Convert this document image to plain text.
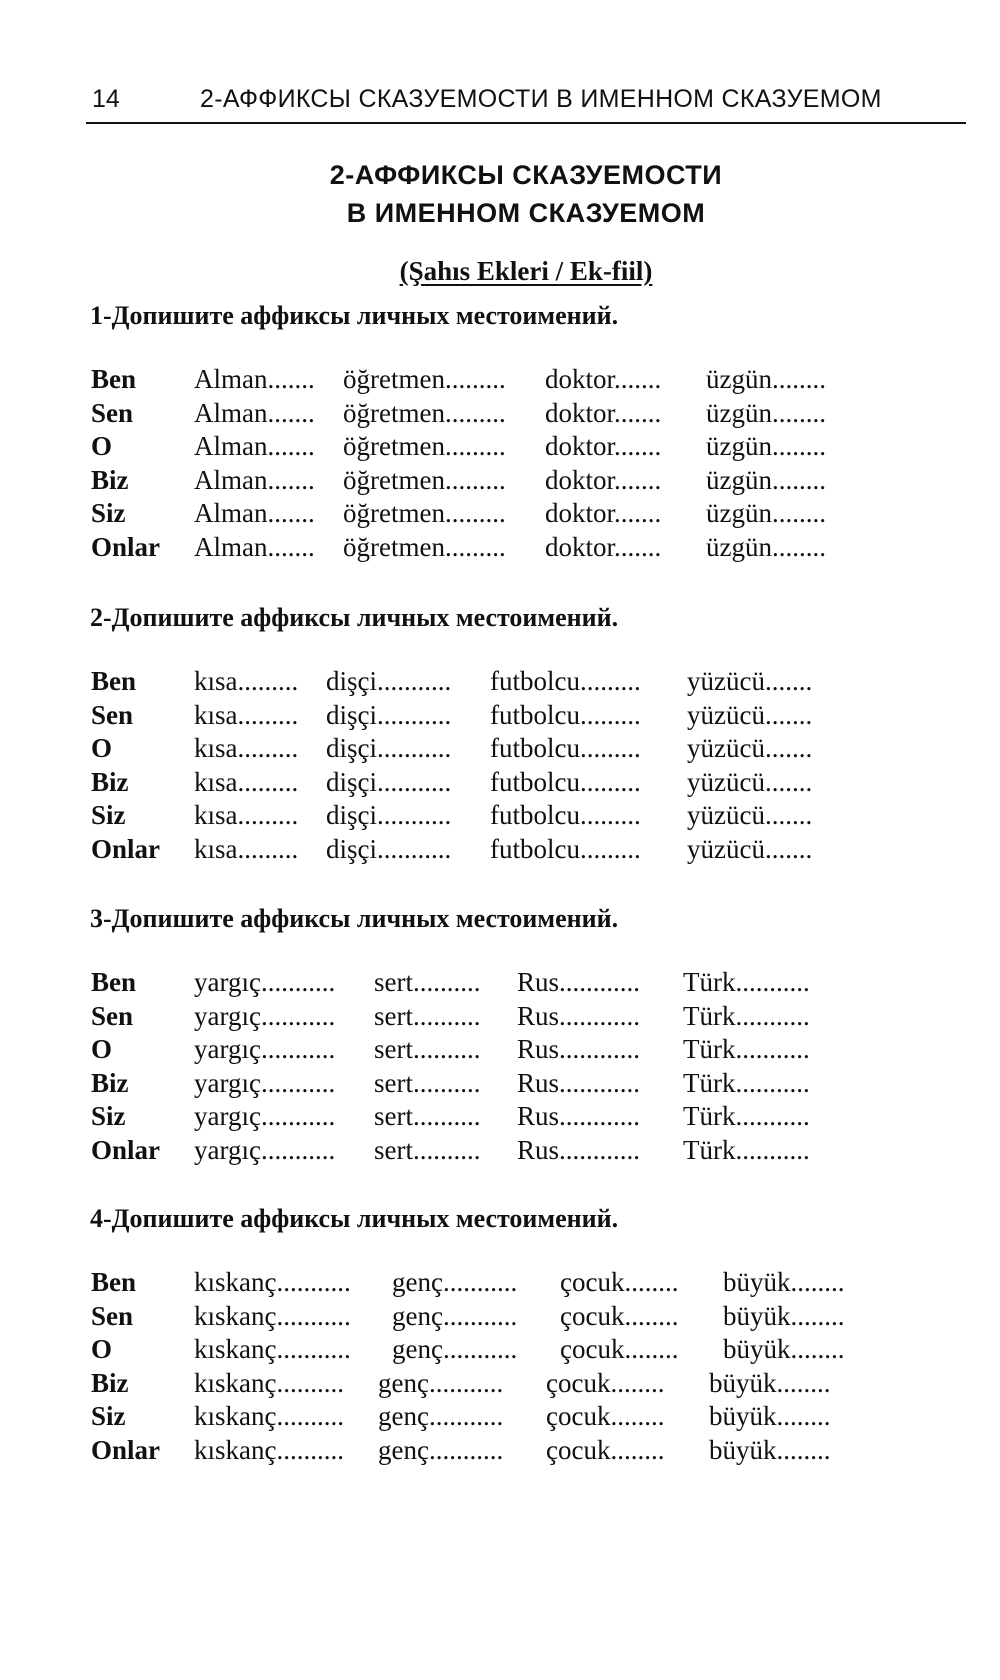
14	2-АФФИКСЫ СКАЗУЕМОСТИ В ИМЕННОМ СКАЗУЕМОМ
2-АФФИКСЫ СКАЗУЕМОСТИ
В ИМЕННОМ СКАЗУЕМОМ
(Şahıs Ekleri / Ek-fiil)
1-Допишите аффиксы личных местоимений.
Ben Alman....... öğretmen......... doktor....... üzgün........
Sen Alman....... öğretmen......... doktor....... üzgün........
O	Alman....... öğretmen......... doktor....... üzgün........
Biz Alman....... öğretmen......... doktor....... üzgün........
Siz	Alman....... öğretmen......... doktor....... üzgün........
Onlar Alman....... öğretmen......... doktor....... üzgün........
2-Допишите аффиксы личных местоимений.
Ben kısa......... dişçi........... futbolcu......... yüzücü.......
Sen kısa......... dişçi........... futbolcu......... yüzücü.......
O	kısa......... dişçi........... futbolcu......... yüzücü.......
Biz kısa......... dişçi........... futbolcu......... yüzücü.......
Siz	kısa......... dişçi........... futbolcu......... yüzücü.......
Onlar kısa......... dişçi........... futbolcu......... yüzücü.......
3-Допишите аффиксы личных местоимений.
Ben yargıç........... sert.......... Rus............ Türk...........
Sen yargıç........... sert.......... Rus............ Türk...........
O	yargıç........... sert.......... Rus............ Türk...........
Biz yargıç........... sert.......... Rus............ Türk...........
Siz	yargıç........... sert.......... Rus............ Türk...........
Onlar yargıç........... sert.......... Rus............ Türk...........
4-Допишите аффиксы личных местоимений.
Ben kıskanç........... genç........... çocuk........ büyük........
Sen kıskanç........... genç........... çocuk........ büyük........
O	kıskanç........... genç........... çocuk........ büyük........
Biz kıskanç.......... genç........... çocuk........ büyük........
Siz	kıskanç.......... genç........... çocuk........ büyük........
Onlar kıskanç.......... genç........... çocuk........ büyük........
